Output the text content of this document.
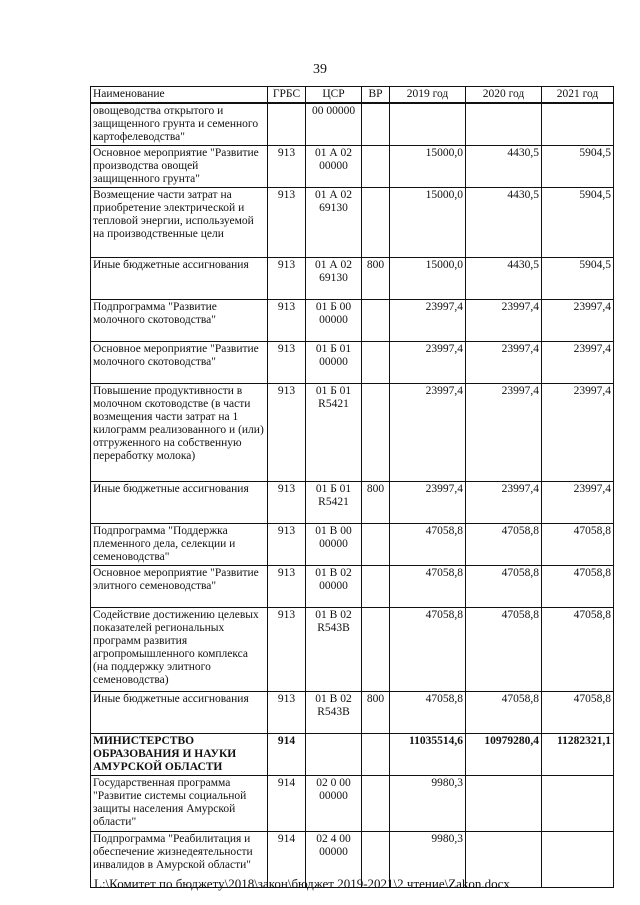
39
Наименование	ГРБС	ЦСР	ВР	2019 год	2020 год	2021 год
овощеводства открытого и защищенного грунта и семенного картофелеводства"		00 00000				
Основное мероприятие "Развитие производства овощей защищенного грунта"	913	01 А 02 00000		15000,0	4430,5	5904,5
Возмещение части затрат на приобретение электрической и тепловой энергии, используемой на производственные цели	913	01 А 02 69130		15000,0	4430,5	5904,5
Иные бюджетные ассигнования	913	01 А 02 69130	800	15000,0	4430,5	5904,5
Подпрограмма "Развитие молочного скотоводства"	913	01 Б 00 00000		23997,4	23997,4	23997,4
Основное мероприятие "Развитие молочного скотоводства"	913	01 Б 01 00000		23997,4	23997,4	23997,4
Повышение продуктивности в молочном скотоводстве (в части возмещения части затрат на 1 килограмм реализованного и (или) отгруженного на собственную переработку молока)	913	01 Б 01 R5421		23997,4	23997,4	23997,4
Иные бюджетные ассигнования	913	01 Б 01 R5421	800	23997,4	23997,4	23997,4
Подпрограмма "Поддержка племенного дела, селекции и семеноводства"	913	01 В 00 00000		47058,8	47058,8	47058,8
Основное мероприятие "Развитие элитного семеноводства"	913	01 В 02 00000		47058,8	47058,8	47058,8
Содействие достижению целевых показателей региональных программ развития агропромышленного комплекса (на поддержку элитного семеноводства)	913	01 В 02 R543В		47058,8	47058,8	47058,8
Иные бюджетные ассигнования	913	01 В 02 R543В	800	47058,8	47058,8	47058,8
МИНИСТЕРСТВО ОБРАЗОВАНИЯ И НАУКИ АМУРСКОЙ ОБЛАСТИ	914			11035514,6	10979280,4	11282321,1
Государственная программа "Развитие системы социальной защиты населения Амурской области"	914	02 0 00 00000		9980,3		
Подпрограмма "Реабилитация и обеспечение жизнедеятельности инвалидов в Амурской области"	914	02 4 00 00000		9980,3		
L:\Комитет по бюджету\2018\закон\бюджет 2019-2021\2 чтение\Zakon.docx
